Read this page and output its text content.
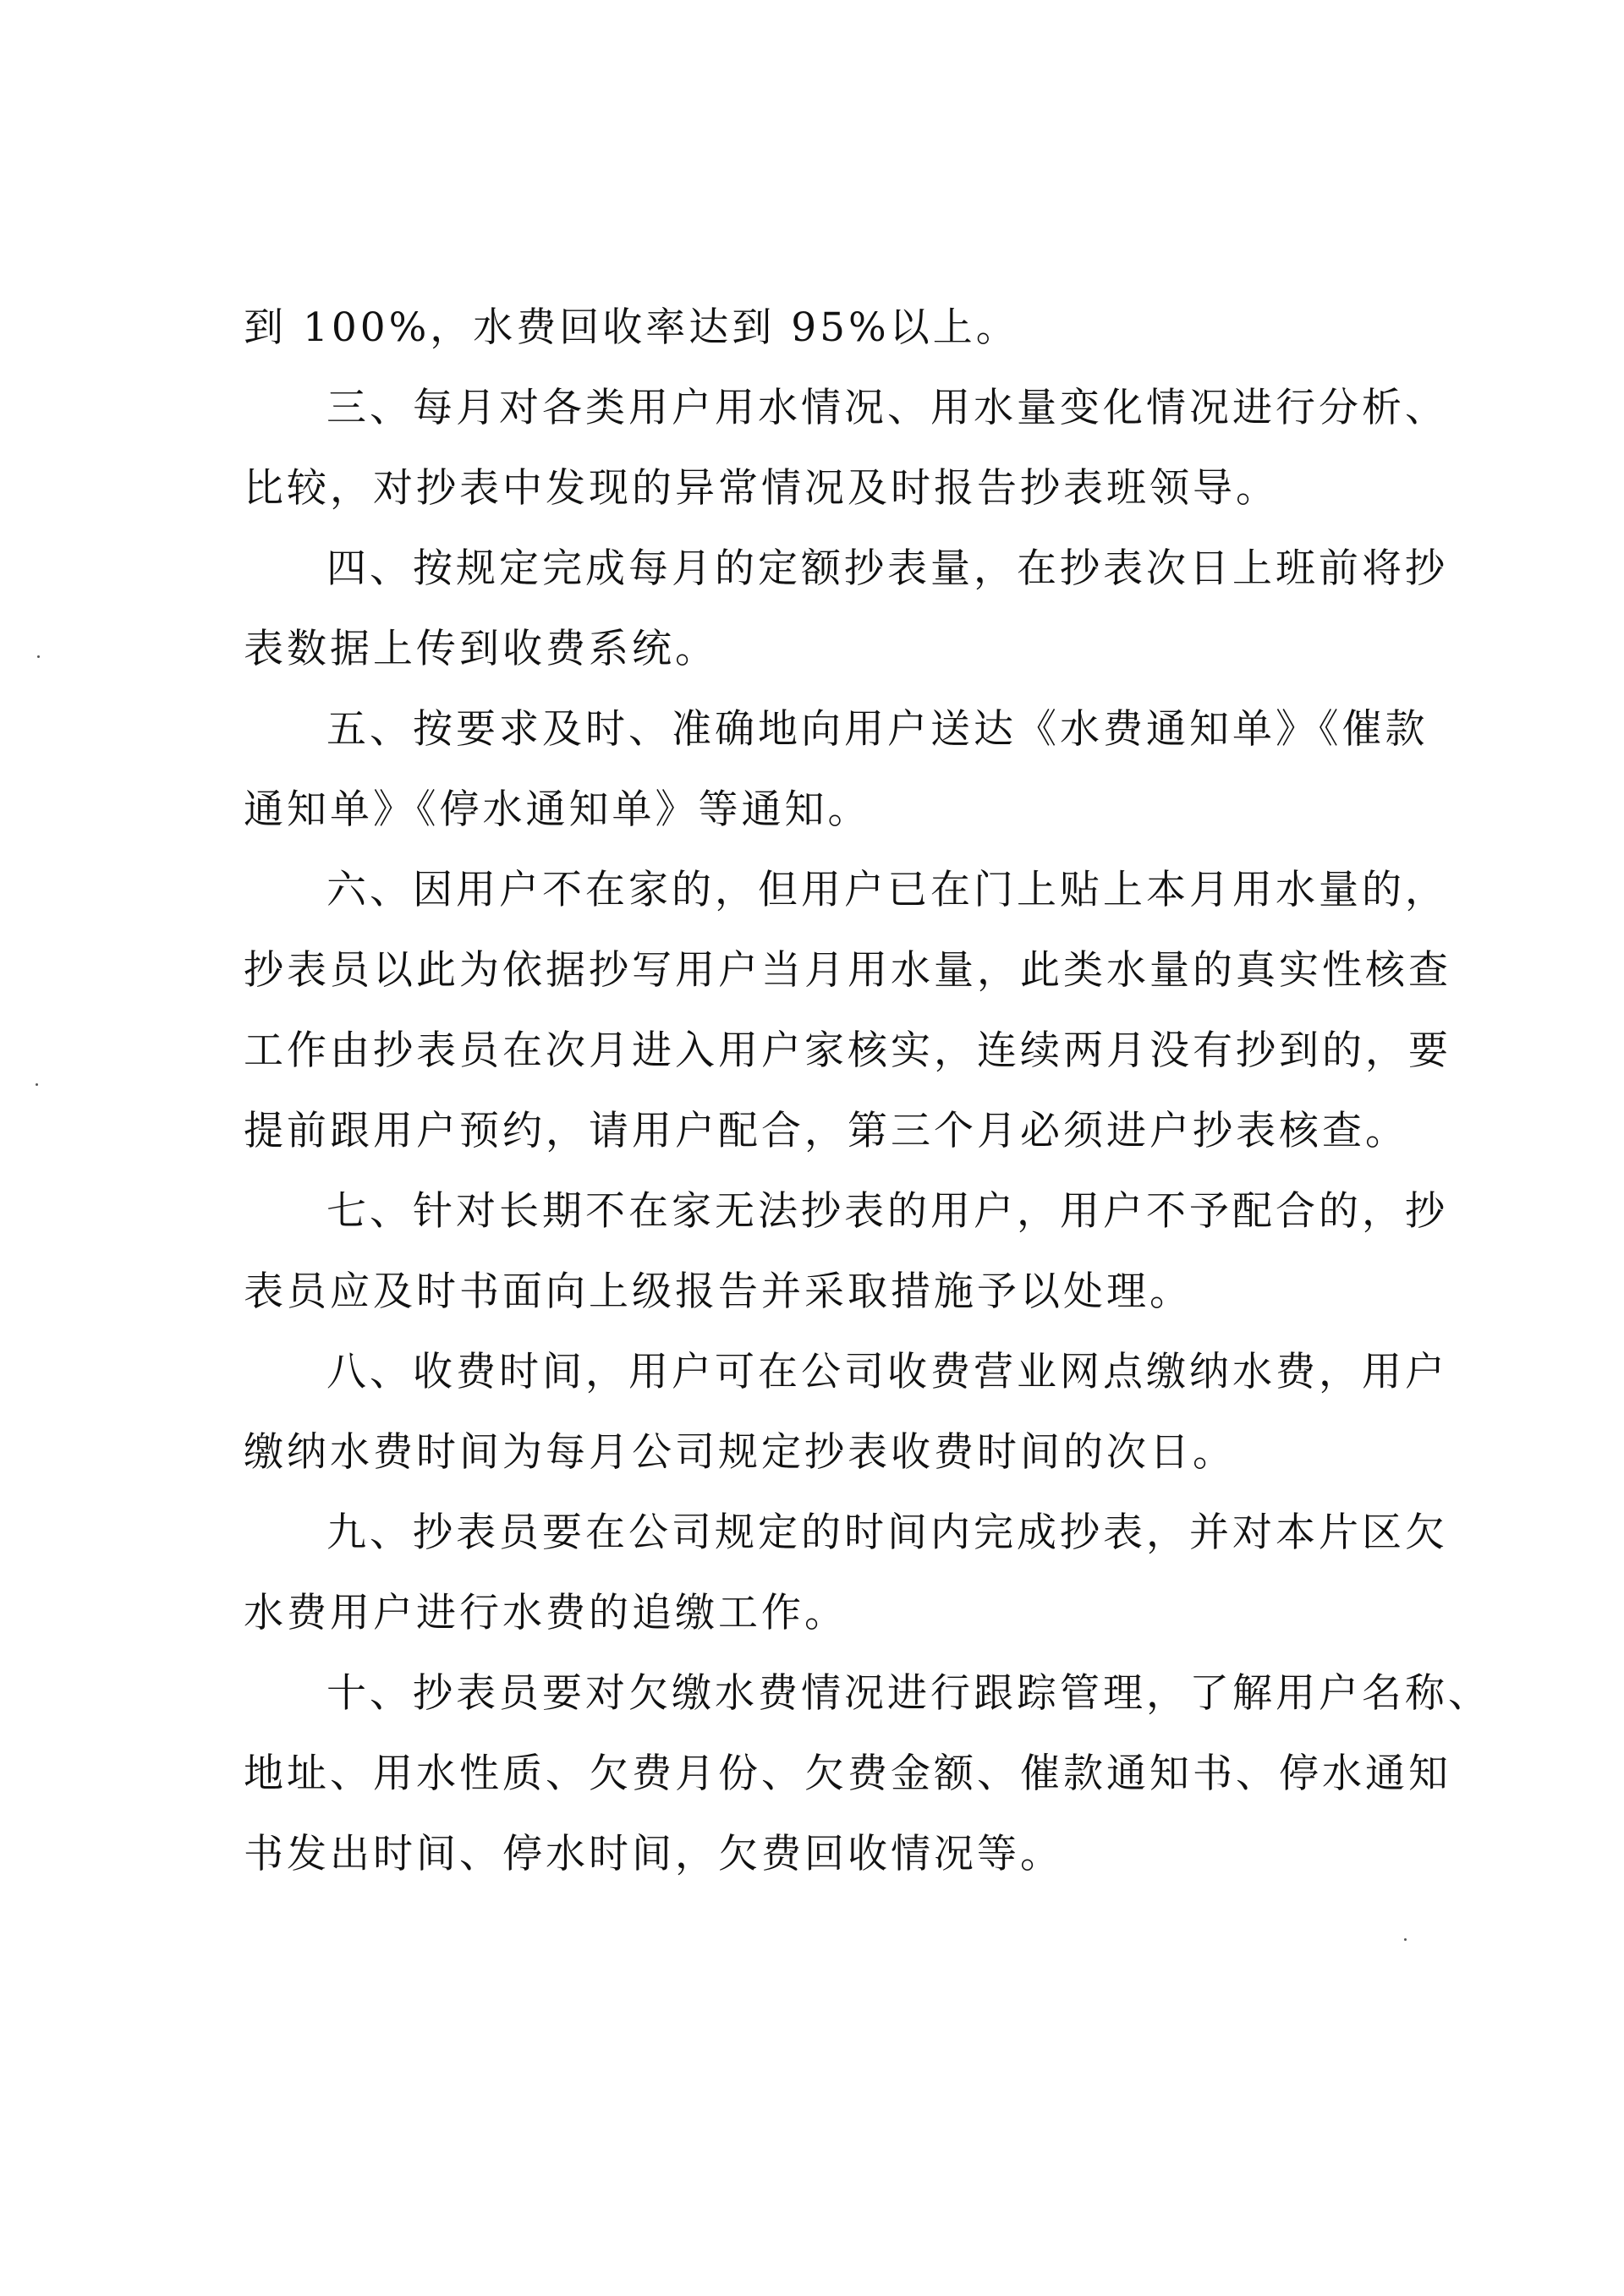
到 100%，水费回收率达到 95%以上。

三、每月对各类用户用水情况、用水量变化情况进行分析、

比较，对抄表中发现的异常情况及时报告抄表班领导。

四、按规定完成每月的定额抄表量，在抄表次日上班前将抄

表数据上传到收费系统。

五、按要求及时、准确地向用户送达《水费通知单》《催款

通知单》《停水通知单》等通知。

六、因用户不在家的，但用户已在门上贴上本月用水量的，

抄表员以此为依据抄写用户当月用水量，此类水量的真实性核查

工作由抄表员在次月进入用户家核实，连续两月没有抄到的，要

提前跟用户预约，请用户配合，第三个月必须进户抄表核查。

七、针对长期不在家无法抄表的用户，用户不予配合的，抄

表员应及时书面向上级报告并采取措施予以处理。

八、收费时间，用户可在公司收费营业网点缴纳水费，用户

缴纳水费时间为每月公司规定抄表收费时间的次日。

九、抄表员要在公司规定的时间内完成抄表，并对本片区欠

水费用户进行水费的追缴工作。

十、抄表员要对欠缴水费情况进行跟踪管理，了解用户名称、

地址、用水性质、欠费月份、欠费金额、催款通知书、停水通知

书发出时间、停水时间，欠费回收情况等。
